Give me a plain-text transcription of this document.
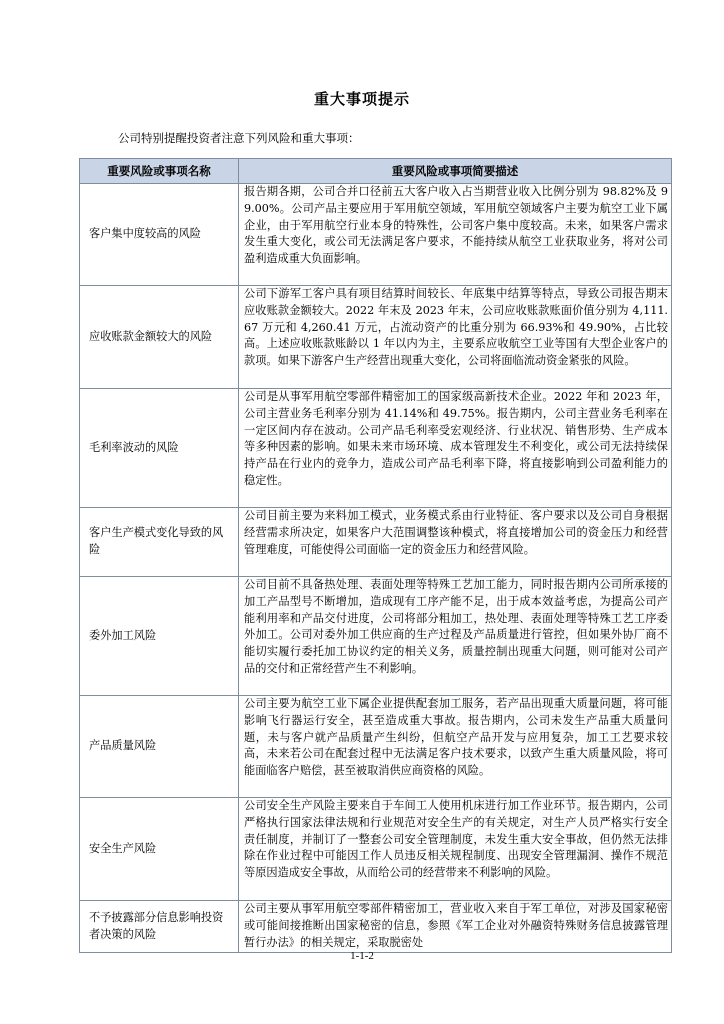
重大事项提示
公司特别提醒投资者注意下列风险和重大事项：
重要风险或事项名称	重要风险或事项简要描述
客户集中度较高的风险	报告期各期，公司合并口径前五大客户收入占当期营业收入比例分别为 98.82%及 99.00%。公司产品主要应用于军用航空领域，军用航空领域客户主要为航空工业下属企业，由于军用航空行业本身的特殊性，公司客户集中度较高。未来，如果客户需求发生重大变化，或公司无法满足客户要求，不能持续从航空工业获取业务，将对公司盈利造成重大负面影响。
应收账款金额较大的风险	公司下游军工客户具有项目结算时间较长、年底集中结算等特点，导致公司报告期末应收账款金额较大。2022 年末及 2023 年末，公司应收账款账面价值分别为 4,111.67 万元和 4,260.41 万元，占流动资产的比重分别为 66.93%和 49.90%，占比较高。上述应收账款账龄以 1 年以内为主，主要系应收航空工业等国有大型企业客户的款项。如果下游客户生产经营出现重大变化，公司将面临流动资金紧张的风险。
毛利率波动的风险	公司是从事军用航空零部件精密加工的国家级高新技术企业。2022 年和 2023 年，公司主营业务毛利率分别为 41.14%和 49.75%。报告期内，公司主营业务毛利率在一定区间内存在波动。公司产品毛利率受宏观经济、行业状况、销售形势、生产成本等多种因素的影响。如果未来市场环境、成本管理发生不利变化，或公司无法持续保持产品在行业内的竞争力，造成公司产品毛利率下降，将直接影响到公司盈利能力的稳定性。
客户生产模式变化导致的风险	公司目前主要为来料加工模式，业务模式系由行业特征、客户要求以及公司自身根据经营需求所决定，如果客户大范围调整该种模式，将直接增加公司的资金压力和经营管理难度，可能使得公司面临一定的资金压力和经营风险。
委外加工风险	公司目前不具备热处理、表面处理等特殊工艺加工能力，同时报告期内公司所承接的加工产品型号不断增加，造成现有工序产能不足，出于成本效益考虑，为提高公司产能利用率和产品交付进度，公司将部分粗加工，热处理、表面处理等特殊工艺工序委外加工。公司对委外加工供应商的生产过程及产品质量进行管控，但如果外协厂商不能切实履行委托加工协议约定的相关义务，质量控制出现重大问题，则可能对公司产品的交付和正常经营产生不利影响。
产品质量风险	公司主要为航空工业下属企业提供配套加工服务，若产品出现重大质量问题，将可能影响飞行器运行安全，甚至造成重大事故。报告期内，公司未发生产品重大质量问题，未与客户就产品质量产生纠纷，但航空产品开发与应用复杂，加工工艺要求较高，未来若公司在配套过程中无法满足客户技术要求，以致产生重大质量风险，将可能面临客户赔偿，甚至被取消供应商资格的风险。
安全生产风险	公司安全生产风险主要来自于车间工人使用机床进行加工作业环节。报告期内，公司严格执行国家法律法规和行业规范对安全生产的有关规定，对生产人员严格实行安全责任制度，并制订了一整套公司安全管理制度，未发生重大安全事故，但仍然无法排除在作业过程中可能因工作人员违反相关规程制度、出现安全管理漏洞、操作不规范等原因造成安全事故，从而给公司的经营带来不利影响的风险。
不予披露部分信息影响投资者决策的风险	公司主要从事军用航空零部件精密加工，营业收入来自于军工单位，对涉及国家秘密或可能间接推断出国家秘密的信息，参照《军工企业对外融资特殊财务信息披露管理暂行办法》的相关规定，采取脱密处
1-1-2
